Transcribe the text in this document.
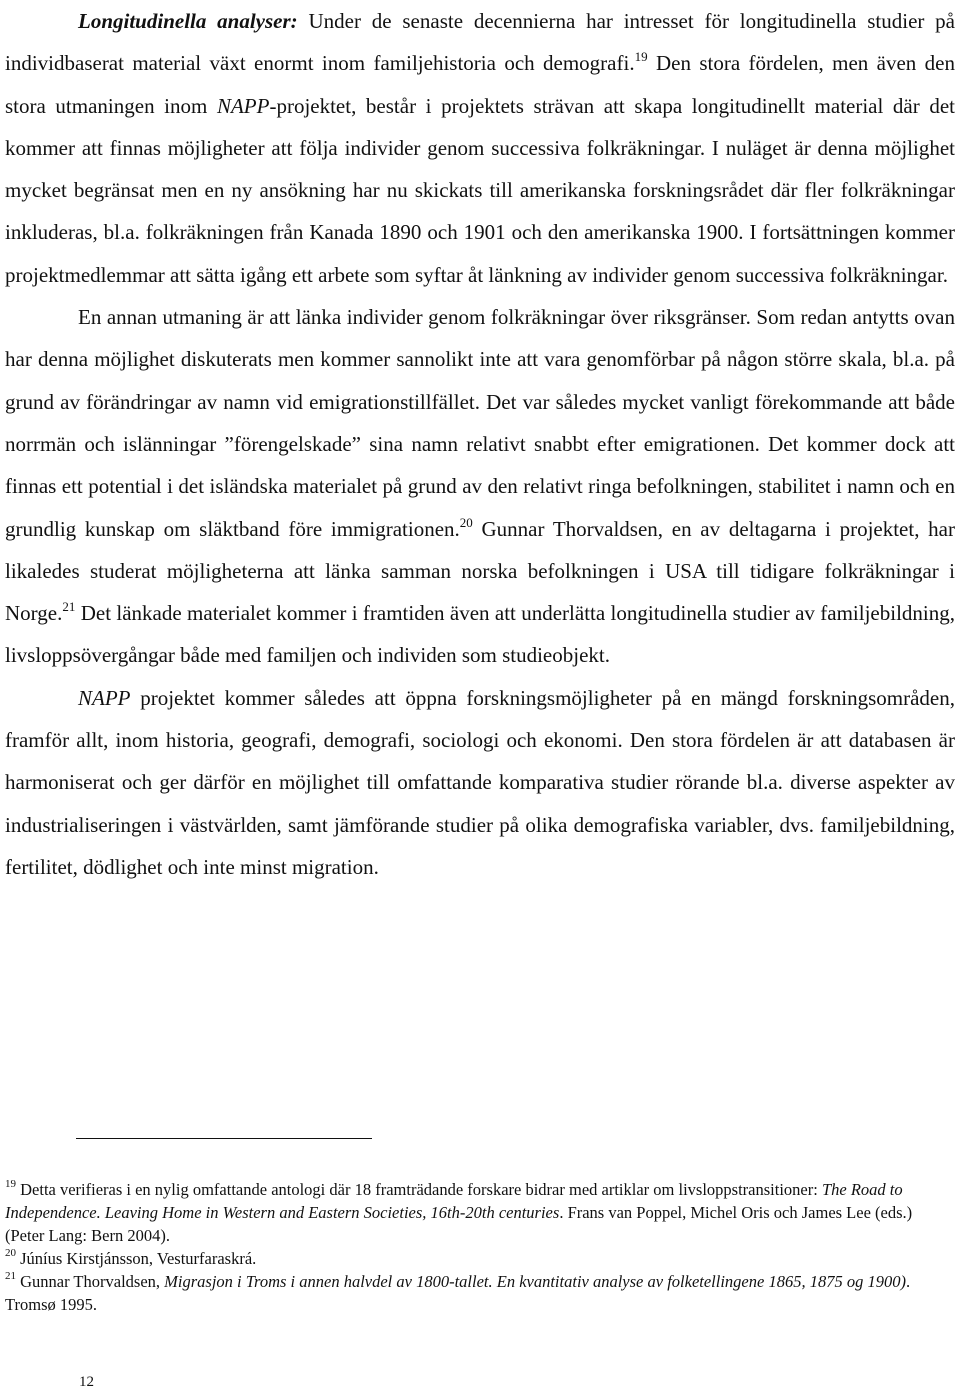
Longitudinella analyser: Under de senaste decennierna har intresset för longitudinella studier på individbaserat material växt enormt inom familjehistoria och demografi.$^{19}$ Den stora fördelen, men även den stora utmaningen inom NAPP-projektet, består i projektets strävan att skapa longitudinellt material där det kommer att finnas möjligheter att följa individer genom successiva folkräkningar. I nuläget är denna möjlighet mycket begränsat men en ny ansökning har nu skickats till amerikanska forskningsrådet där fler folkräkningar inkluderas, bl.a. folkräkningen från Kanada 1890 och 1901 och den amerikanska 1900. I fortsättningen kommer projektmedlemmar att sätta igång ett arbete som syftar åt länkning av individer genom successiva folkräkningar.

En annan utmaning är att länka individer genom folkräkningar över riksgränser. Som redan antytts ovan har denna möjlighet diskuterats men kommer sannolikt inte att vara genomförbar på någon större skala, bl.a. på grund av förändringar av namn vid emigrationstillfället. Det var således mycket vanligt förekommande att både norrmän och islänningar ”förengelskade” sina namn relativt snabbt efter emigrationen. Det kommer dock att finnas ett potential i det isländska materialet på grund av den relativt ringa befolkningen, stabilitet i namn och en grundlig kunskap om släktband före immigrationen.$^{20}$ Gunnar Thorvaldsen, en av deltagarna i projektet, har likaledes studerat möjligheterna att länka samman norska befolkningen i USA till tidigare folkräkningar i Norge.$^{21}$ Det länkade materialet kommer i framtiden även att underlätta longitudinella studier av familjebildning, livsloppsövergångar både med familjen och individen som studieobjekt.

NAPP projektet kommer således att öppna forskningsmöjligheter på en mängd forskningsområden, framför allt, inom historia, geografi, demografi, sociologi och ekonomi. Den stora fördelen är att databasen är harmoniserat och ger därför en möjlighet till omfattande komparativa studier rörande bl.a. diverse aspekter av industrialiseringen i västvärlden, samt jämförande studier på olika demografiska variabler, dvs. familjebildning, fertilitet, dödlighet och inte minst migration.

$^{19}$ Detta verifieras i en nylig omfattande antologi där 18 framträdande forskare bidrar med artiklar om livsloppstransitioner: The Road to Independence. Leaving Home in Western and Eastern Societies, 16th-20th centuries. Frans van Poppel, Michel Oris och James Lee (eds.) (Peter Lang: Bern 2004).

$^{20}$ Júníus Kirstjánsson, Vesturfaraskrá.

$^{21}$ Gunnar Thorvaldsen, Migrasjon i Troms i annen halvdel av 1800-tallet. En kvantitativ analyse av folketellingene 1865, 1875 og 1900). Tromsø 1995.

12
